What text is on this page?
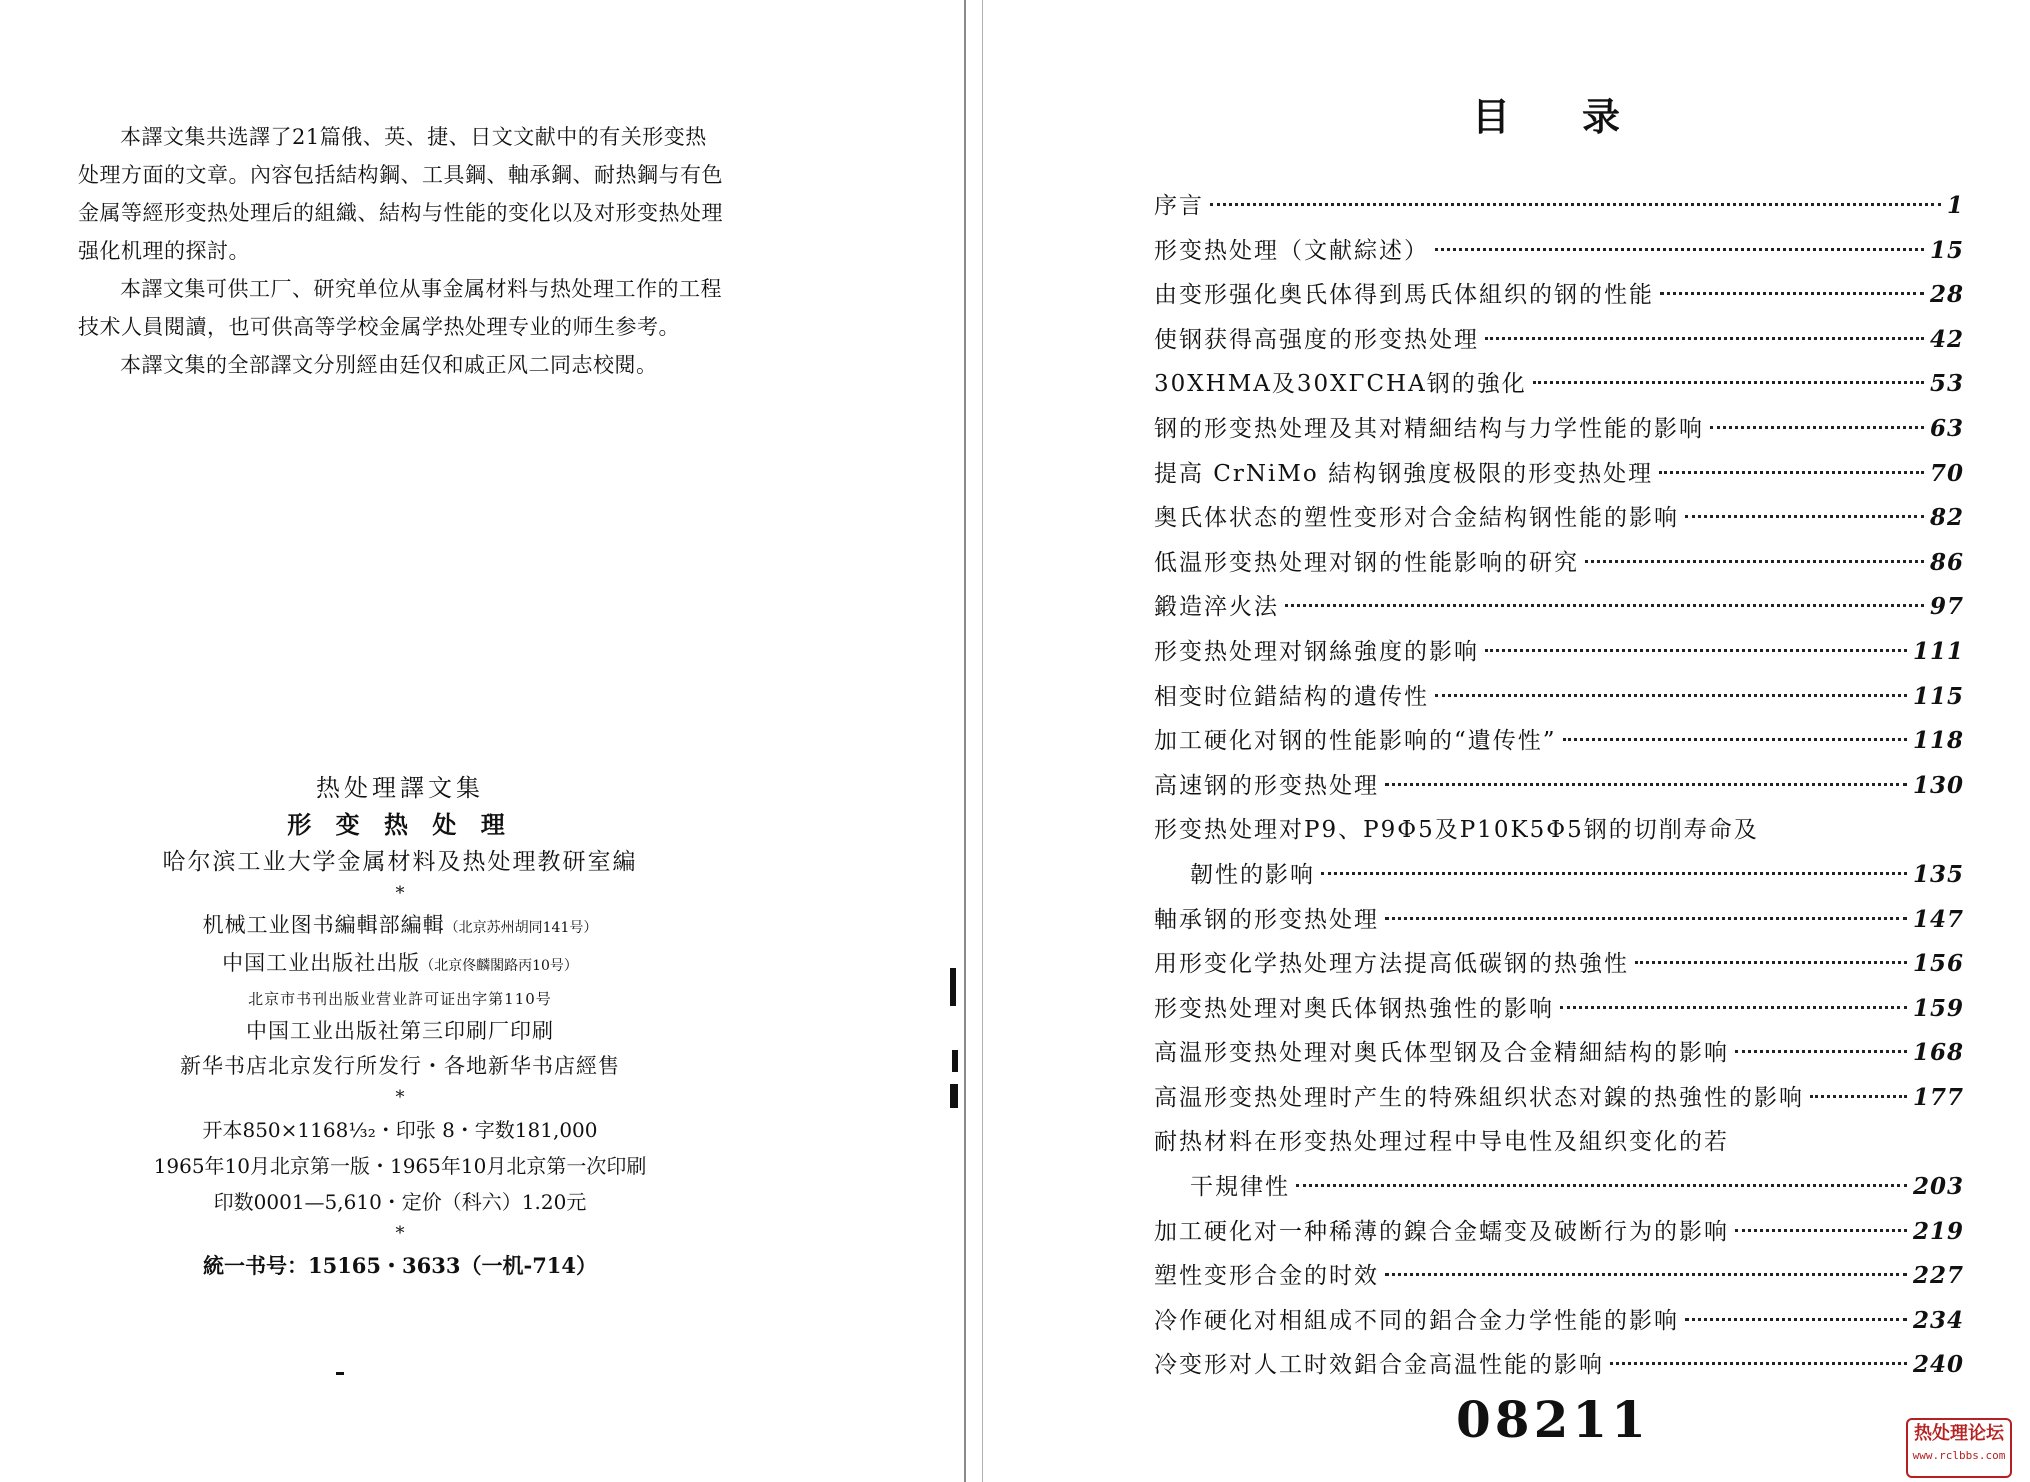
本譯文集共选譯了21篇俄、英、捷、日文文献中的有关形变热处理方面的文章。內容包括結构鋼、工具鋼、軸承鋼、耐热鋼与有色金属等經形变热处理后的組織、結构与性能的变化以及对形变热处理强化机理的探討。

本譯文集可供工厂、研究单位从事金属材料与热处理工作的工程技术人員閱讀，也可供高等学校金属学热处理专业的师生参考。

本譯文集的全部譯文分別經由廷仅和戚正风二同志校閱。

热处理譯文集
形 变 热 处 理
哈尔滨工业大学金属材料及热处理教研室編
*
机械工业图书編輯部編輯（北京苏州胡同141号）
中国工业出版社出版（北京佟麟閣路丙10号）
北京市书刊出版业营业許可证出字第110号
中国工业出版社第三印刷厂印刷
新华书店北京发行所发行・各地新华书店經售
*
开本850×1168¹⁄₃₂・印张 8・字数181,000
1965年10月北京第一版・1965年10月北京第一次印刷
印数0001—5,610・定价（科六）1.20元
*
統一书号：15165・3633（一机-714）
目录
序言	1
形变热处理（文献綜述）	15
由变形强化奥氏体得到馬氏体組织的钢的性能	28
使钢获得高强度的形变热处理	42
30XHMA及30XΓCHA钢的強化	53
钢的形变热处理及其对精細结构与力学性能的影响	63
提高 CrNiMo 結构钢強度极限的形变热处理	70
奥氏体状态的塑性变形对合金結构钢性能的影响	82
低温形变热处理对钢的性能影响的研究	86
鍛造淬火法	97
形变热处理对钢絲強度的影响	111
相变时位錯結构的遺传性	115
加工硬化对钢的性能影响的“遺传性”	118
高速钢的形变热处理	130
形变热处理对P9、P9Φ5及P10K5Φ5钢的切削寿命及
韌性的影响	135
軸承钢的形变热处理	147
用形变化学热处理方法提高低碳钢的热強性	156
形变热处理对奥氏体钢热強性的影响	159
高温形变热处理对奥氏体型钢及合金精細結构的影响	168
高温形变热处理时产生的特殊組织状态对鎳的热強性的影响	177
耐热材料在形变热处理过程中导电性及組织变化的若
干規律性	203
加工硬化对一种稀薄的鎳合金蠕变及破断行为的影响	219
塑性变形合金的时效	227
冷作硬化对相組成不同的鋁合金力学性能的影响	234
冷变形对人工时效鋁合金高温性能的影响	240
08211	热处理论坛
www.rclbbs.com
